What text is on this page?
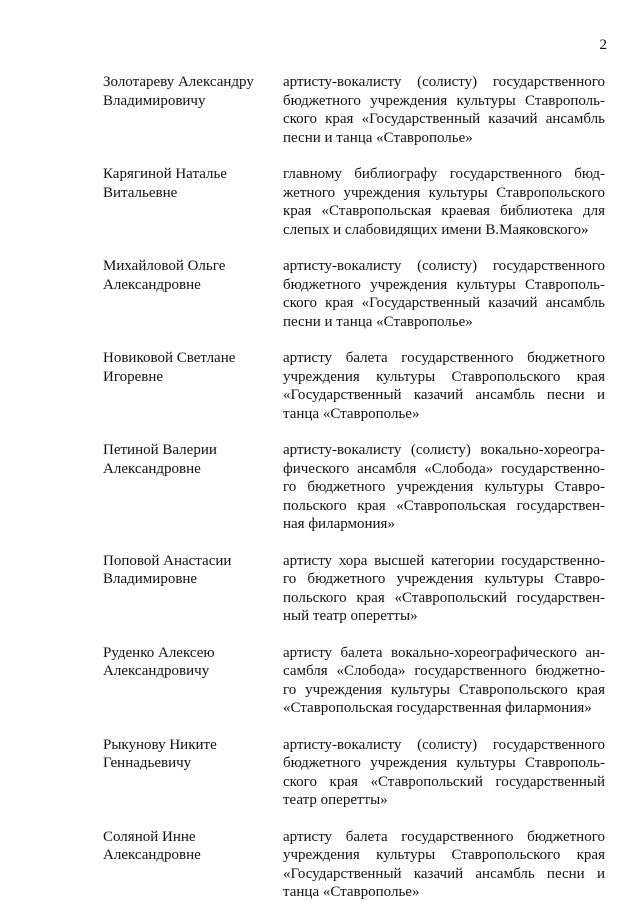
2
Золотареву Александру
Владимировичу
артисту-вокалисту (солисту) государственного
бюджетного учреждения культуры Ставрополь-
ского края «Государственный казачий ансамбль
песни и танца «Ставрополье»
Карягиной Наталье
Витальевне
главному библиографу государственного бюд-
жетного учреждения культуры Ставропольского
края «Ставропольская краевая библиотека для
слепых и слабовидящих имени В.Маяковского»
Михайловой Ольге
Александровне
артисту-вокалисту (солисту) государственного
бюджетного учреждения культуры Ставрополь-
ского края «Государственный казачий ансамбль
песни и танца «Ставрополье»
Новиковой Светлане
Игоревне
артисту балета государственного бюджетного
учреждения культуры Ставропольского края
«Государственный казачий ансамбль песни и
танца «Ставрополье»
Петиной Валерии
Александровне
артисту-вокалисту (солисту) вокально-хореогра-
фического ансамбля «Слобода» государственно-
го бюджетного учреждения культуры Ставро-
польского края «Ставропольская государствен-
ная филармония»
Поповой Анастасии
Владимировне
артисту хора высшей категории государственно-
го бюджетного учреждения культуры Ставро-
польского края «Ставропольский государствен-
ный театр оперетты»
Руденко Алексею
Александровичу
артисту балета вокально-хореографического ан-
самбля «Слобода» государственного бюджетно-
го учреждения культуры Ставропольского края
«Ставропольская государственная филармония»
Рыкунову Никите
Геннадьевичу
артисту-вокалисту (солисту) государственного
бюджетного учреждения культуры Ставрополь-
ского края «Ставропольский государственный
театр оперетты»
Соляной Инне
Александровне
артисту балета государственного бюджетного
учреждения культуры Ставропольского края
«Государственный казачий ансамбль песни и
танца «Ставрополье»
